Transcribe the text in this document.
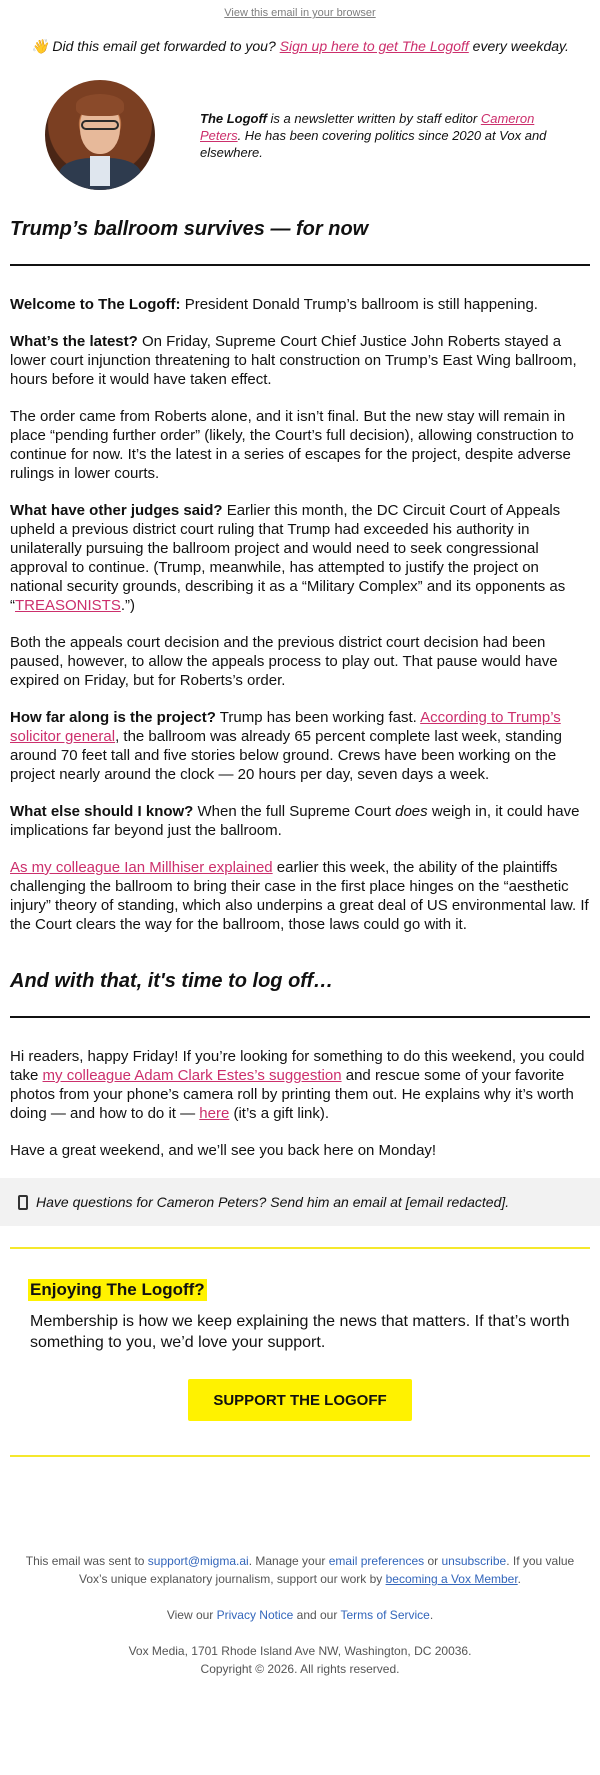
View this email in your browser
👋 Did this email get forwarded to you? Sign up here to get The Logoff every weekday.
The Logoff is a newsletter written by staff editor Cameron Peters. He has been covering politics since 2020 at Vox and elsewhere.
Trump’s ballroom survives — for now

Welcome to The Logoff: President Donald Trump’s ballroom is still happening.

What’s the latest? On Friday, Supreme Court Chief Justice John Roberts stayed a lower court injunction threatening to halt construction on Trump’s East Wing ballroom, hours before it would have taken effect.

The order came from Roberts alone, and it isn’t final. But the new stay will remain in place “pending further order” (likely, the Court’s full decision), allowing construction to continue for now. It’s the latest in a series of escapes for the project, despite adverse rulings in lower courts.

What have other judges said? Earlier this month, the DC Circuit Court of Appeals upheld a previous district court ruling that Trump had exceeded his authority in unilaterally pursuing the ballroom project and would need to seek congressional approval to continue. (Trump, meanwhile, has attempted to justify the project on national security grounds, describing it as a “Military Complex” and its opponents as “TREASONISTS.”)

Both the appeals court decision and the previous district court decision had been paused, however, to allow the appeals process to play out. That pause would have expired on Friday, but for Roberts’s order.

How far along is the project? Trump has been working fast. According to Trump’s solicitor general, the ballroom was already 65 percent complete last week, standing around 70 feet tall and five stories below ground. Crews have been working on the project nearly around the clock — 20 hours per day, seven days a week.

What else should I know? When the full Supreme Court does weigh in, it could have implications far beyond just the ballroom.

As my colleague Ian Millhiser explained earlier this week, the ability of the plaintiffs challenging the ballroom to bring their case in the first place hinges on the “aesthetic injury” theory of standing, which also underpins a great deal of US environmental law. If the Court clears the way for the ballroom, those laws could go with it.

And with that, it's time to log off…

Hi readers, happy Friday! If you’re looking for something to do this weekend, you could take my colleague Adam Clark Estes’s suggestion and rescue some of your favorite photos from your phone’s camera roll by printing them out. He explains why it’s worth doing — and how to do it — here (it’s a gift link).

Have a great weekend, and we’ll see you back here on Monday!

Have questions for Cameron Peters? Send him an email at [email redacted].
Enjoying The Logoff?
Membership is how we keep explaining the news that matters. If that’s worth something to you, we’d love your support.
SUPPORT THE LOGOFF
This email was sent to support@migma.ai. Manage your email preferences or unsubscribe. If you value Vox’s unique explanatory journalism, support our work by becoming a Vox Member.
View our Privacy Notice and our Terms of Service.
Vox Media, 1701 Rhode Island Ave NW, Washington, DC 20036.
Copyright © 2026. All rights reserved.
